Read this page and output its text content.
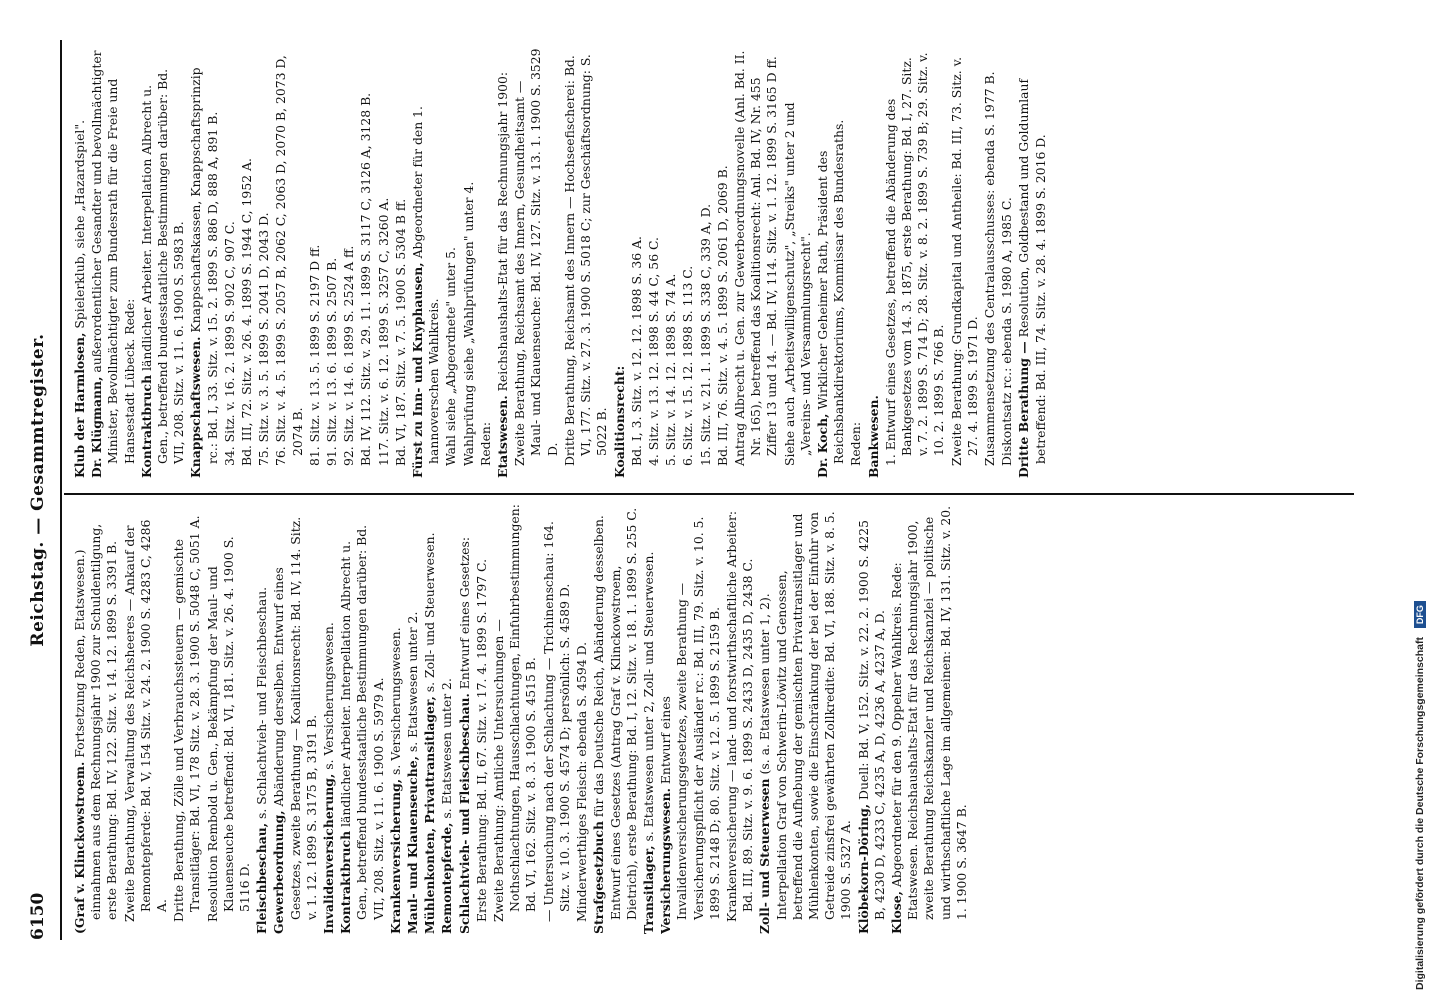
6150
Reichstag. — Gesammtregister.
(Graf v. Klinckowstroem. Fortsetzung Reden, Etatswesen.) einnahmen aus dem Rechnungsjahr 1900 zur Schuldentilgung, erste Berathung: Bd. IV, 122. Sitz. v. 14. 12. 1899 S. 3391 B. Zweite Berathung, Verwaltung des Reichsheeres — Ankauf der Remontepferde: Bd. V, 154 Sitz. v. 24. 2. 1900 S. 4283 C, 4286 A. Dritte Berathung, Zölle und Verbrauchssteuern — gemischte Transitläger: Bd. VI, 178 Sitz. v. 28. 3. 1900 S. 5048 C, 5051 A. Resolution Rembold u. Gen., Bekämpfung der Maul- und Klauenseuche betreffend: Bd. VI, 181. Sitz. v. 26. 4. 1900 S. 5116 D. Fleischbeschau, s. Schlachtvieh- und Fleischbeschau.
Gewerbeordnung, Abänderung derselben. Entwurf eines Gesetzes, zweite Berathung — Koalitionsrecht: Bd. IV, 114. Sitz. v. 1. 12. 1899 S. 3175 B, 3191 B. Invalidenversicherung, s. Versicherungswesen.
Kontraktbruch ländlicher Arbeiter. Interpellation Albrecht u. Gen., betreffend bundesstaatliche Bestimmungen darüber: Bd. VII, 208. Sitz. v. 11. 6. 1900 S. 5979 A. Krankenversicherung, s. Versicherungswesen.
Maul- und Klauenseuche, s. Etatswesen unter 2.
Mühlenkonten, Privattransitlager, s. Zoll- und Steuerwesen.
Remontepferde, s. Etatswesen unter 2. Schlachtvieh- und Fleischbeschau. Entwurf eines Gesetzes: Erste Berathung: Bd. II, 67. Sitz. v. 17. 4. 1899 S. 1797 C. Zweite Berathung: Amtliche Untersuchungen — Nothschlachtungen, Hausschlachtungen, Einfuhrbestimmungen: Bd. VI, 162. Sitz. v. 8. 3. 1900 S. 4515 B. — Untersuchung nach der Schlachtung — Trichinenschau: 164. Sitz. v. 10. 3. 1900 S. 4574 D; persönlich: S. 4589 D. Minderwerthiges Fleisch: ebenda S. 4594 D. Strafgesetzbuch für das Deutsche Reich, Abänderung desselben. Entwurf eines Gesetzes (Antrag Graf v. Klinckowstroem, Dietrich), erste Berathung: Bd. I, 12. Sitz. v. 18. 1. 1899 S. 255 C. Transitlager, s. Etatswesen unter 2, Zoll- und Steuerwesen.
Versicherungswesen. Entwurf eines Invalidenversicherungsgesetzes, zweite Berathung — Versicherungspflicht der Ausländer rc.: Bd. III, 79. Sitz. v. 10. 5. 1899 S. 2148 D; 80. Sitz. v. 12. 5. 1899 S. 2159 B. Krankenversicherung — land- und forstwirthschaftliche Arbeiter: Bd. III, 89. Sitz. v. 9. 6. 1899 S. 2433 D, 2435 D, 2438 C. Zoll- und Steuerwesen (s. a. Etatswesen unter 1, 2). Interpellation Graf von Schwerin-Löwitz und Genossen, betreffend die Aufhebung der gemischten Privattransitlager und Mühlenkonten, sowie die Einschränkung der bei der Einfuhr von Getreide zinsfrei gewährten Zollkredite: Bd. VI, 188. Sitz. v. 8. 5. 1900 S. 5327 A. Klöbekorn-Döring, Duell: Bd. V, 152. Sitz. v. 22. 2. 1900 S. 4225 B, 4230 D, 4233 C, 4235 A, D, 4236 A, 4237 A, D. Klose, Abgeordneter für den 9. Oppelner Wahlkreis. Rede: Etatswesen. Reichshaushalts-Etat für das Rechnungsjahr 1900, zweite Berathung Reichskanzler und Reichskanzlei — politische und wirthschaftliche Lage im allgemeinen: Bd. IV, 131. Sitz. v. 20. 1. 1900 S. 3647 B.
Klub der Harmlosen, Spielerklub, siehe „Hazardspiel".
Dr. Klügmann, außerordentlicher Gesandter und bevollmächtigter Minister, Bevollmächtigter zum Bundesrath für die Freie und Hansestadt Lübeck. Rede: Kontraktbruch ländlicher Arbeiter. Interpellation Albrecht u. Gen., betreffend bundesstaatliche Bestimmungen darüber: Bd. VII, 208. Sitz. v. 11. 6. 1900 S. 5983 B. Knappschaftswesen. Knappschaftskassen, Knappschaftsprinzip rc.: Bd. I, 33. Sitz. v. 15. 2. 1899 S. 886 D, 888 A, 891 B. 34. Sitz. v. 16. 2. 1899 S. 902 C, 907 C. Bd. III, 72. Sitz. v. 26. 4. 1899 S. 1944 C, 1952 A. 75. Sitz. v. 3. 5. 1899 S. 2041 D, 2043 D. 76. Sitz. v. 4. 5. 1899 S. 2057 B, 2062 C, 2063 D, 2070 B, 2073 D, 2074 B. 81. Sitz. v. 13. 5. 1899 S. 2197 D ff. 91. Sitz. v. 13. 6. 1899 S. 2507 B. 92. Sitz. v. 14. 6. 1899 S. 2524 A ff. Bd. IV, 112. Sitz. v. 29. 11. 1899 S. 3117 C, 3126 A, 3128 B. 117. Sitz. v. 6. 12. 1899 S. 3257 C, 3260 A. Bd. VI, 187. Sitz. v. 7. 5. 1900 S. 5304 B ff. Fürst zu Inn- und Knyphausen, Abgeordneter für den 1. hannoverschen Wahlkreis. Wahl siehe „Abgeordnete" unter 5. Wahlprüfung siehe „Wahlprüfungen" unter 4. Reden: Etatswesen. Reichshaushalts-Etat für das Rechnungsjahr 1900: Zweite Berathung, Reichsamt des Innern, Gesundheitsamt — Maul- und Klauenseuche: Bd. IV, 127. Sitz. v. 13. 1. 1900 S. 3529 D. Dritte Berathung, Reichsamt des Innern — Hochseefischerei: Bd. VI, 177. Sitz. v. 27. 3. 1900 S. 5018 C; zur Geschäftsordnung: S. 5022 B. Koalitionsrecht: Bd. I, 3. Sitz. v. 12. 12. 1898 S. 36 A. 4. Sitz. v. 13. 12. 1898 S. 44 C, 56 C. 5. Sitz. v. 14. 12. 1898 S. 74 A. 6. Sitz. v. 15. 12. 1898 S. 113 C. 15. Sitz. v. 21. 1. 1899 S. 338 C, 339 A, D. Bd. III, 76. Sitz. v. 4. 5. 1899 S. 2061 D, 2069 B. Antrag Albrecht u. Gen. zur Gewerbeordnungsnovelle (Anl. Bd. II. Nr. 165), betreffend das Koalitionsrecht: Anl. Bd. IV, Nr. 455 Ziffer 13 und 14. — Bd. IV, 114. Sitz. v. 1. 12. 1899 S. 3165 D ff. Siehe auch „Arbeitswilligenschutz", „Streiks" unter 2 und „Vereins- und Versammlungsrecht". Dr. Koch, Wirklicher Geheimer Rath, Präsident des Reichsbankdirektoriums, Kommissar des Bundesraths. Reden: Bankwesen. 1. Entwurf eines Gesetzes, betreffend die Abänderung des Bankgesetzes vom 14. 3. 1875, erste Berathung: Bd. I, 27. Sitz. v. 7. 2. 1899 S. 714 D; 28. Sitz. v. 8. 2. 1899 S. 739 B; 29. Sitz. v. 10. 2. 1899 S. 766 B. Zweite Berathung: Grundkapital und Antheile: Bd. III, 73. Sitz. v. 27. 4. 1899 S. 1971 D. Zusammensetzung des Centralausschusses: ebenda S. 1977 B. Diskontsatz rc.: ebenda S. 1980 A, 1985 C. Dritte Berathung — Resolution, Goldbestand und Goldumlauf betreffend: Bd. III, 74. Sitz. v. 28. 4. 1899 S. 2016 D.
Digitalisierung gefördert durch die Deutsche Forschungsgemeinschaft DFG
